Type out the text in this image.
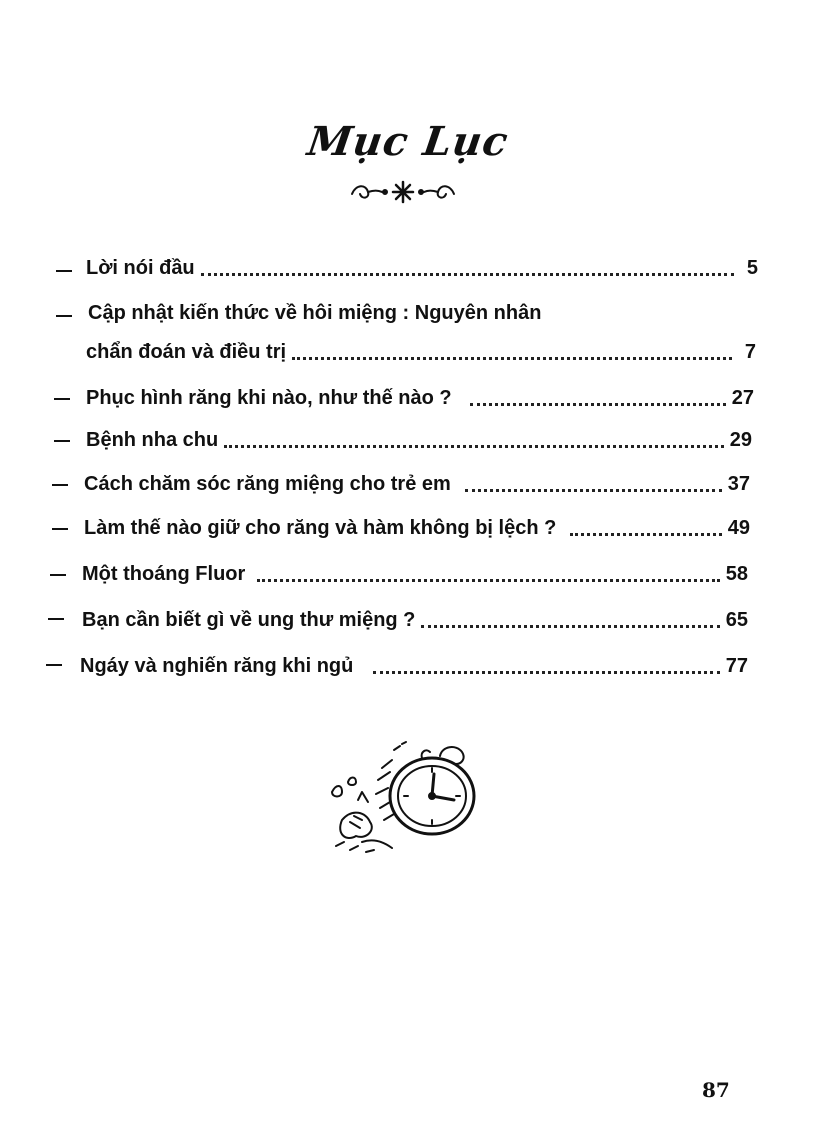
Mục Lục
Lời nói đầu	5
Cập nhật kiến thức về hôi miệng : Nguyên nhân
chẩn đoán và điều trị	7
Phục hình răng khi nào, như thế nào ?	27
Bệnh nha chu	29
Cách chăm sóc răng miệng cho trẻ em	37
Làm thế nào giữ cho răng và hàm không bị lệch ?	49
Một thoáng Fluor	58
Bạn cần biết gì về ung thư miệng ?	65
Ngáy và nghiến răng khi ngủ	77
87
